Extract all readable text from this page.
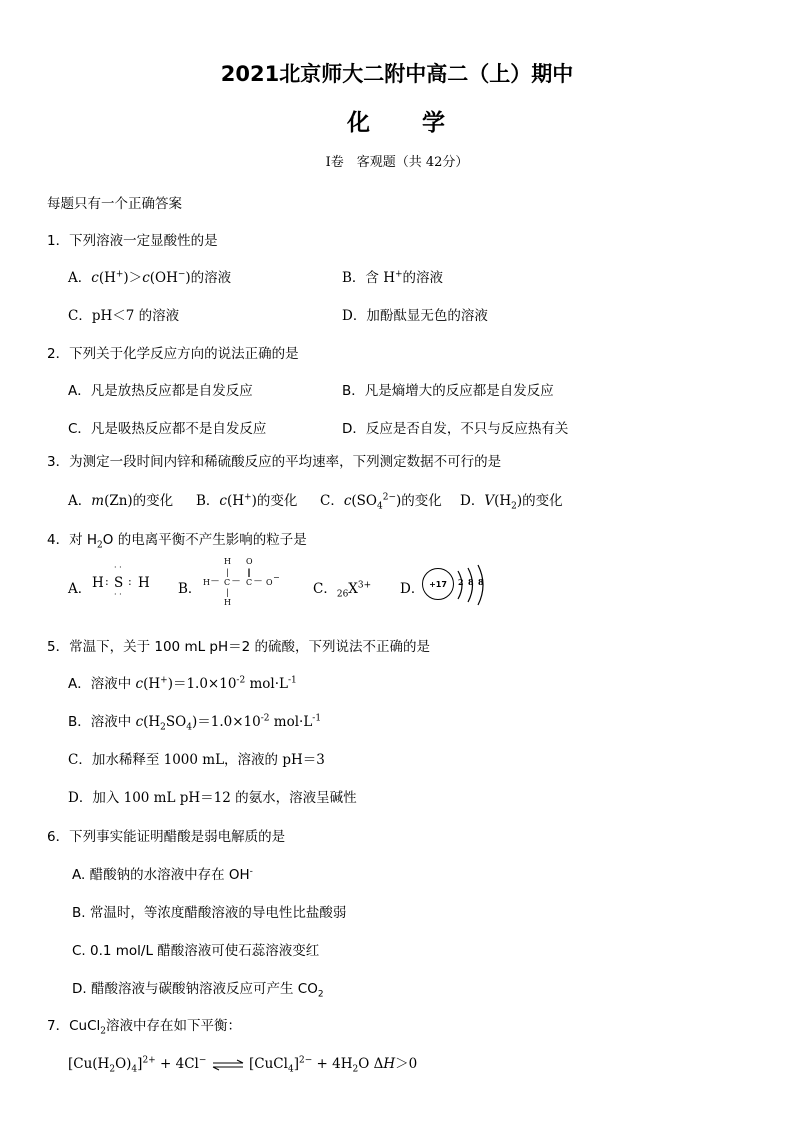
2021北京师大二附中高二（上）期中
化　　学
I卷　客观题（共 42分）
每题只有一个正确答案
1．下列溶液一定显酸性的是
A．c(H+)＞c(OH−)的溶液	B．含 H+的溶液
C．pH＜7 的溶液	D．加酚酞显无色的溶液
2．下列关于化学反应方向的说法正确的是
A．凡是放热反应都是自发反应	B．凡是熵增大的反应都是自发反应
C．凡是吸热反应都不是自发反应	D．反应是否自发，不只与反应热有关
3．为测定一段时间内锌和稀硫酸反应的平均速率，下列测定数据不可行的是
A．m(Zn)的变化 B．c(H+)的变化 C．$c(SO_4^{2-})$的变化 D．$V(H_2)$的变化
4．对 $H_2O$ 的电离平衡不产生影响的粒子是
A． H : S : H
· ·
· ·	B．
H
|
H — C — C
O
‖
— O
−
|
H
C．$_{26}X^{3+}$ D． +17	2 8 8
5．常温下，关于 100 mL pH＝2 的硫酸，下列说法不正确的是
A．溶液中 $c(H^+)=1.0\times 10^{-2}$ $mol\cdot L^{-1}$
B．溶液中 $c(H_2SO_4)=1.0\times 10^{-2}$ $mol\cdot L^{-1}$
C．加水稀释至 1000 mL，溶液的 pH＝3
D．加入 100 mL pH＝12 的氨水，溶液呈碱性
6．下列事实能证明醋酸是弱电解质的是
A. 醋酸钠的水溶液中存在 OH-
B. 常温时，等浓度醋酸溶液的导电性比盐酸弱
C. 0.1 mol/L 醋酸溶液可使石蕊溶液变红
D. 醋酸溶液与碳酸钠溶液反应可产生 $CO_2$
7．CuCl$_2$溶液中存在如下平衡：
$[Cu(H_2O)_4]^{2+} + 4Cl^-$ ⇌ [CuCl$_4$]$^{2-}$ + $4H_2O$ ΔH＞0
